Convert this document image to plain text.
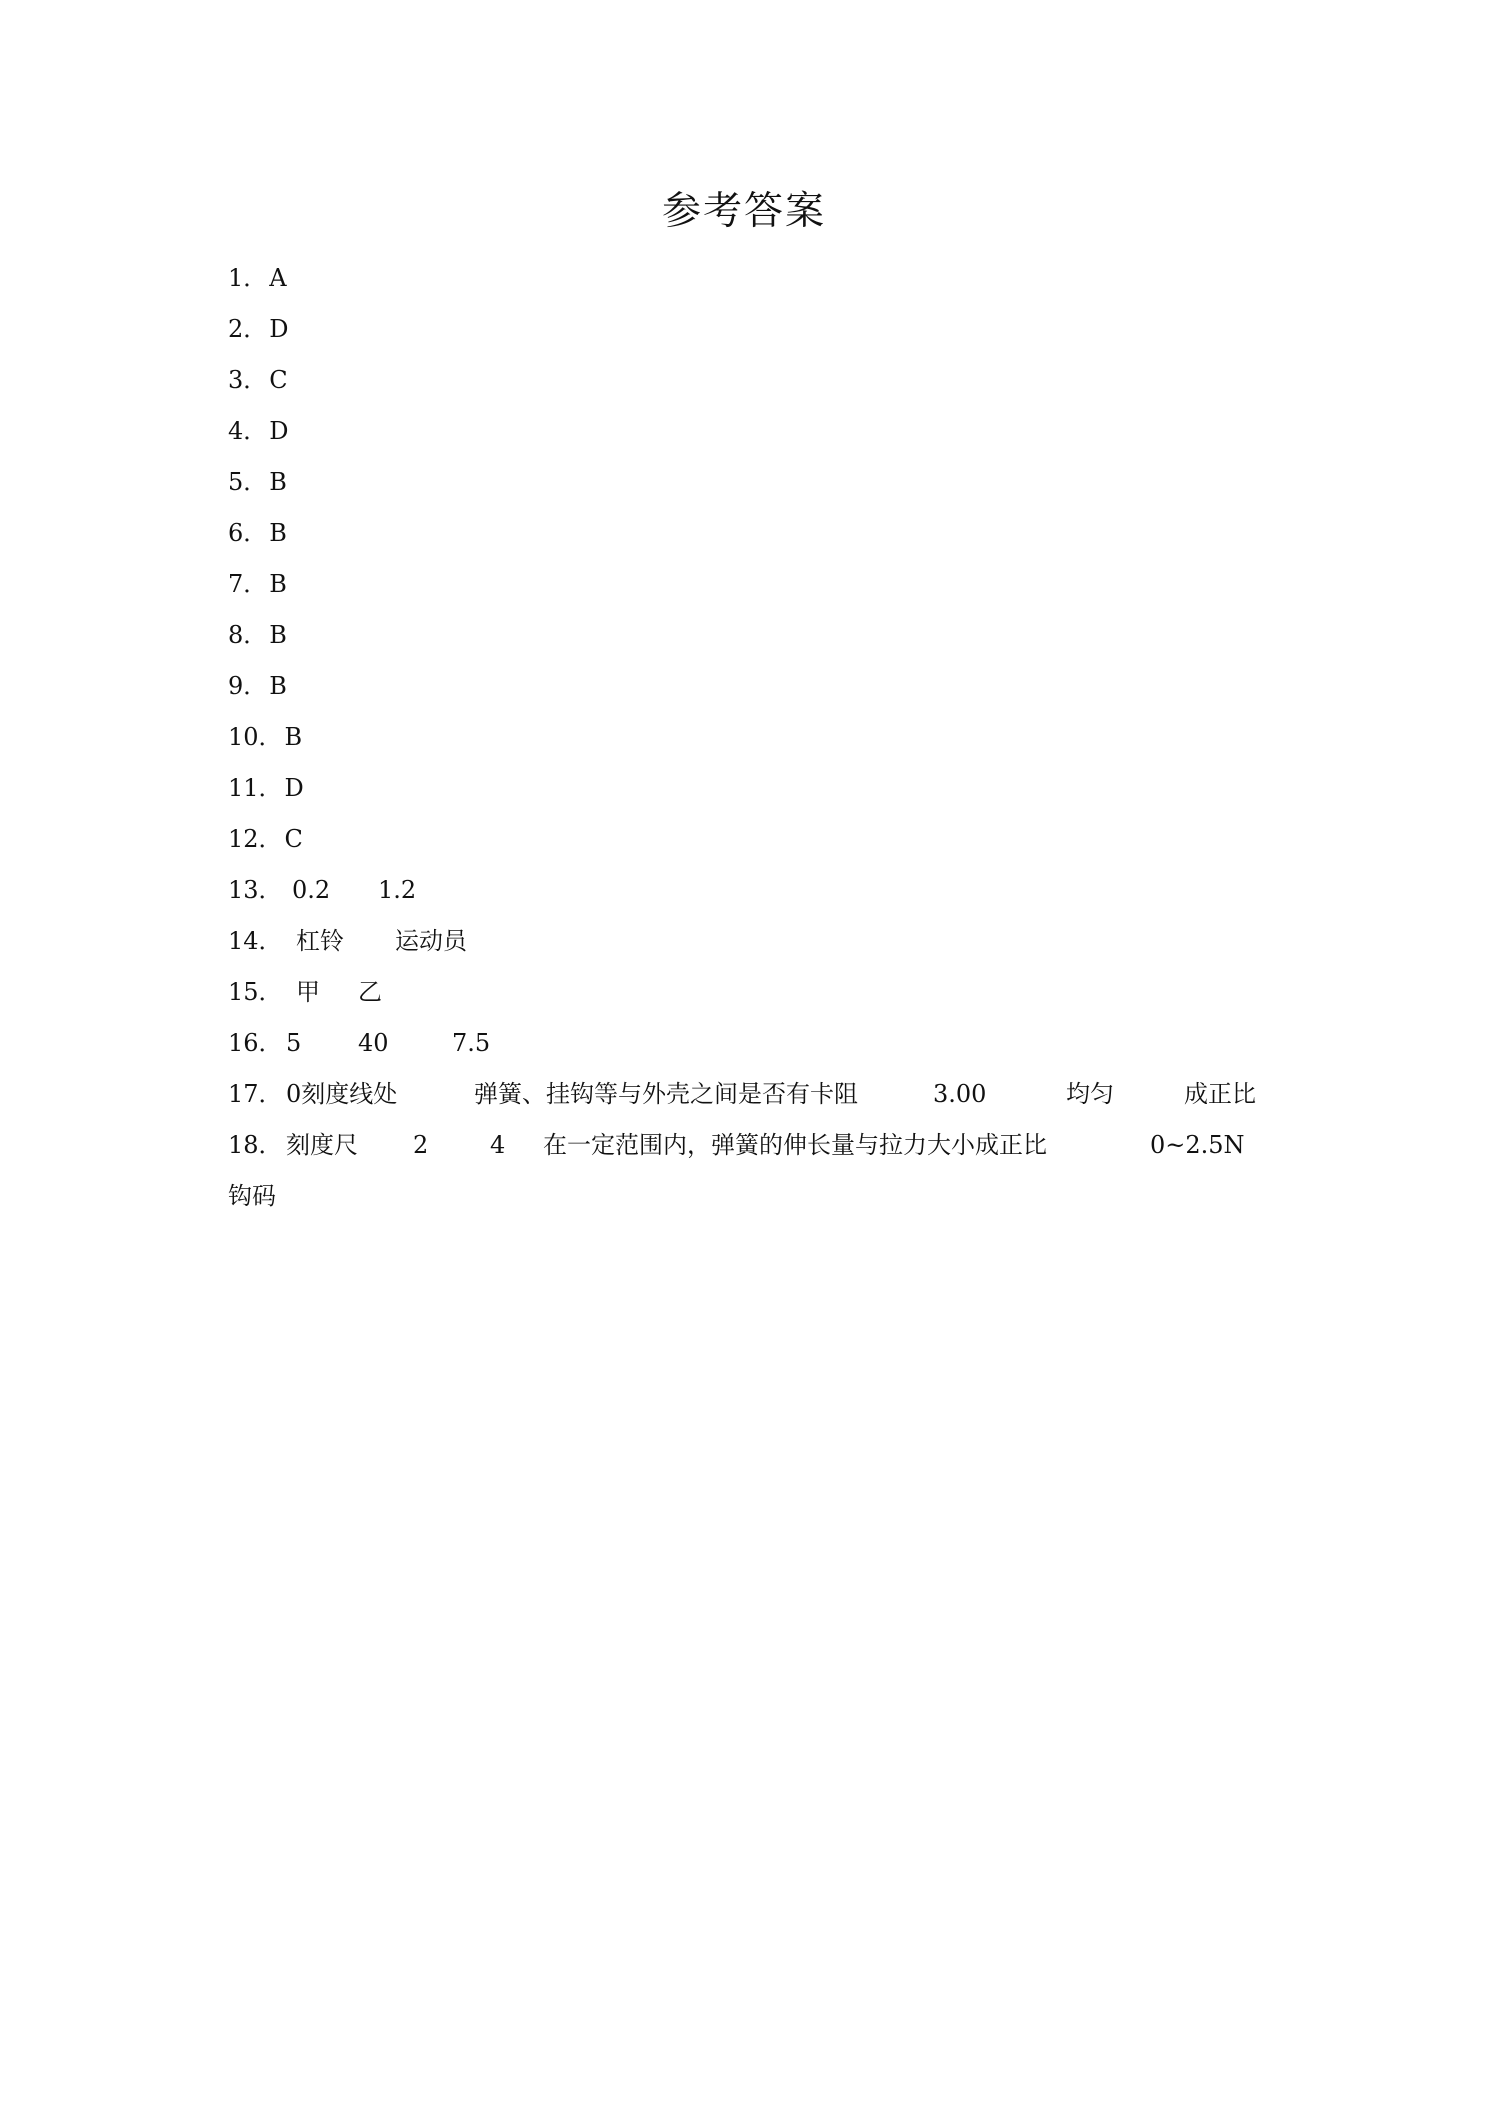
参考答案
1．A
2．D
3．C
4．D
5．B
6．B
7．B
8．B
9．B
10．B
11．D
12．C
13． 0.2 1.2
14． 杠铃 运动员
15． 甲 乙
16． 5 40	7.5
17． 0刻度线处	弹簧、挂钩等与外壳之间是否有卡阻	3.00	均匀	成正比
18． 刻度尺 2	4 在一定范围内，弹簧的伸长量与拉力大小成正比	0~2.5N
钩码
